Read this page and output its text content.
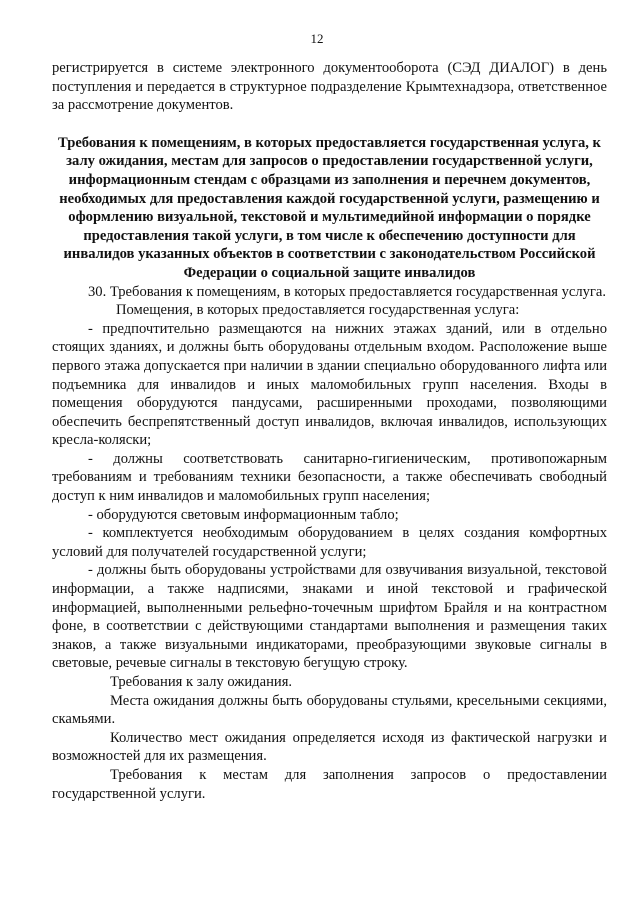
12

регистрируется в системе электронного документооборота (СЭД ДИАЛОГ) в день поступления и передается в структурное подразделение Крымтехнадзора, ответственное за рассмотрение документов.

Требования к помещениям, в которых предоставляется государственная услуга, к залу ожидания, местам для запросов о предоставлении государственной услуги, информационным стендам с образцами из заполнения и перечнем документов, необходимых для предоставления каждой государственной услуги, размещению и оформлению визуальной, текстовой и мультимедийной информации о порядке предоставления такой услуги, в том числе к обеспечению доступности для инвалидов указанных объектов в соответствии с законодательством Российской Федерации о социальной защите инвалидов

30. Требования к помещениям, в которых предоставляется государственная услуга.

Помещения, в которых предоставляется государственная услуга:

- предпочтительно размещаются на нижних этажах зданий, или в отдельно стоящих зданиях, и должны быть оборудованы отдельным входом. Расположение выше первого этажа допускается при наличии в здании специально оборудованного лифта или подъемника для инвалидов и иных маломобильных групп населения. Входы в помещения оборудуются пандусами, расширенными проходами, позволяющими обеспечить беспрепятственный доступ инвалидов, включая инвалидов, использующих кресла-коляски;

- должны соответствовать санитарно-гигиеническим, противопожарным требованиям и требованиям техники безопасности, а также обеспечивать свободный доступ к ним инвалидов и маломобильных групп населения;

- оборудуются световым информационным табло;

- комплектуется необходимым оборудованием в целях создания комфортных условий для получателей государственной услуги;

- должны быть оборудованы устройствами для озвучивания визуальной, текстовой информации, а также надписями, знаками и иной текстовой и графической информацией, выполненными рельефно-точечным шрифтом Брайля и на контрастном фоне, в соответствии с действующими стандартами выполнения и размещения таких знаков, а также визуальными индикаторами, преобразующими звуковые сигналы в световые, речевые сигналы в текстовую бегущую строку.

Требования к залу ожидания.

Места ожидания должны быть оборудованы стульями, кресельными секциями, скамьями.

Количество мест ожидания определяется исходя из фактической нагрузки и возможностей для их размещения.

Требования к местам для заполнения запросов о предоставлении государственной услуги.
